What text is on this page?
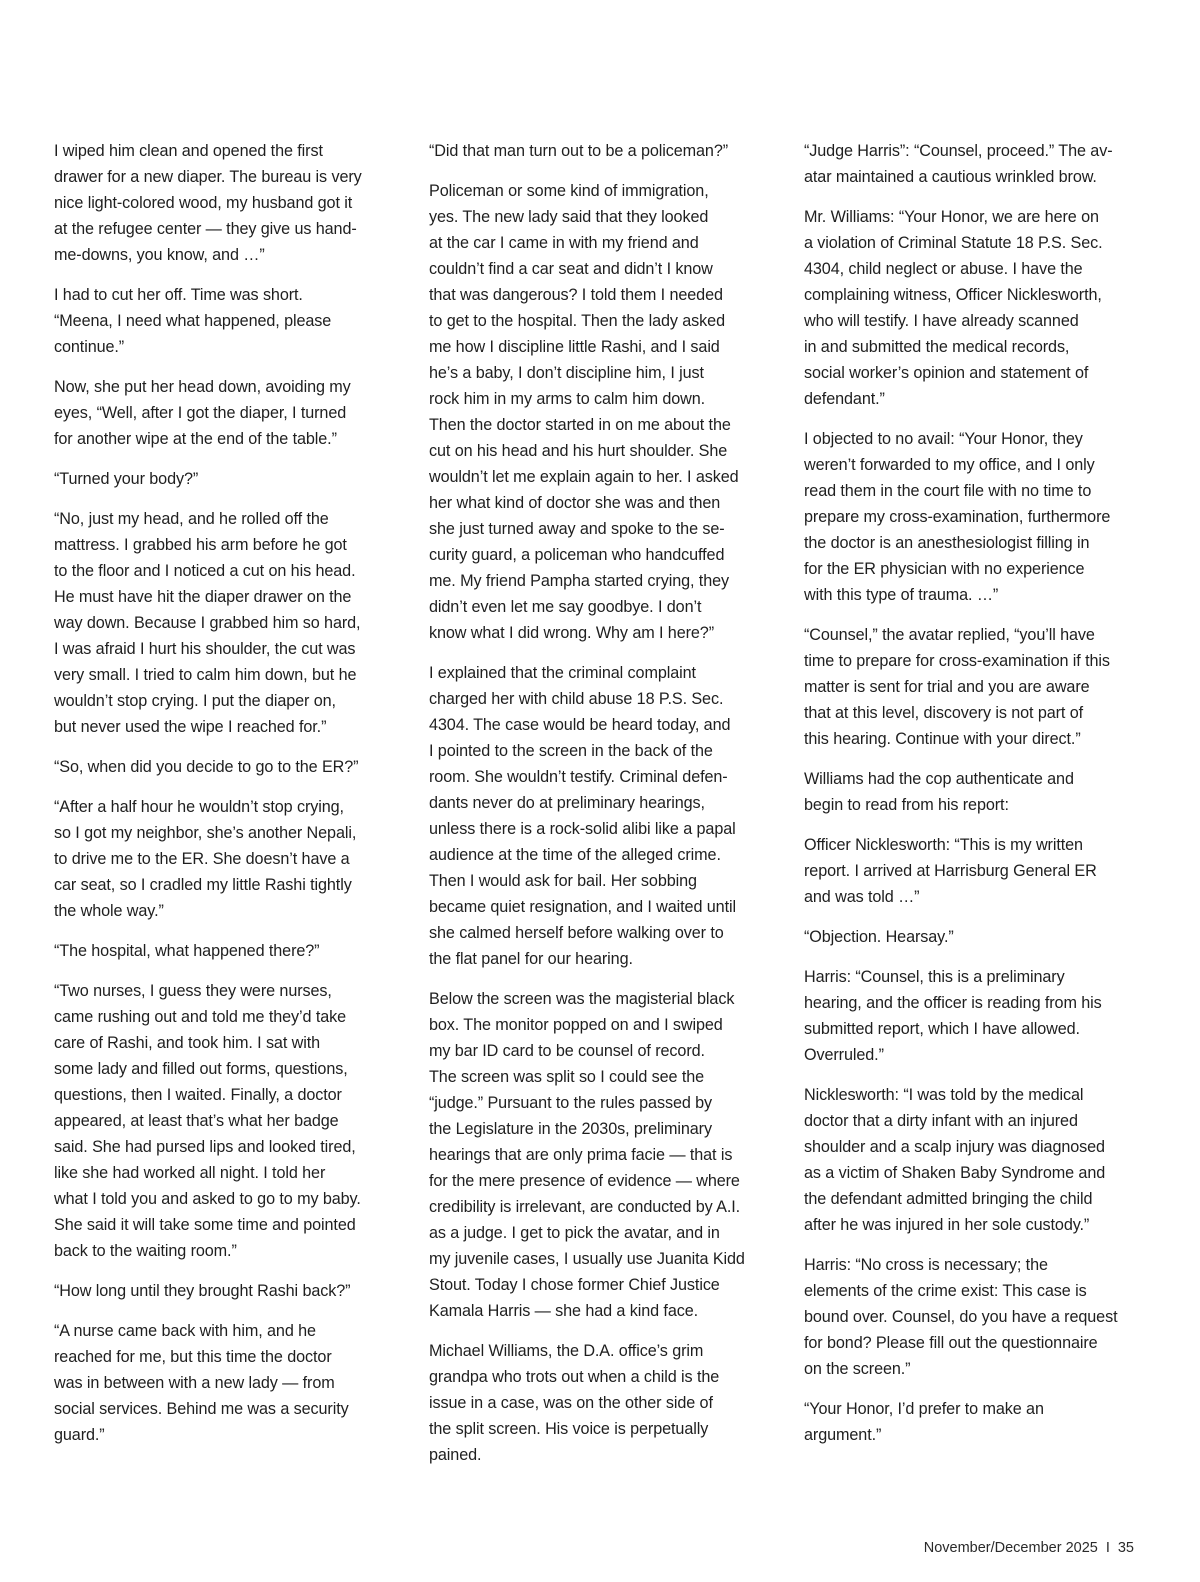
I wiped him clean and opened the first
drawer for a new diaper. The bureau is very
nice light-colored wood, my husband got it
at the refugee center — they give us hand-
me-downs, you know, and …”

I had to cut her off. Time was short.
“Meena, I need what happened, please
continue.”

Now, she put her head down, avoiding my
eyes, “Well, after I got the diaper, I turned
for another wipe at the end of the table.”

“Turned your body?”

“No, just my head, and he rolled off the
mattress. I grabbed his arm before he got
to the floor and I noticed a cut on his head.
He must have hit the diaper drawer on the
way down. Because I grabbed him so hard,
I was afraid I hurt his shoulder, the cut was
very small. I tried to calm him down, but he
wouldn’t stop crying. I put the diaper on,
but never used the wipe I reached for.”

“So, when did you decide to go to the ER?”

“After a half hour he wouldn’t stop crying,
so I got my neighbor, she’s another Nepali,
to drive me to the ER. She doesn’t have a
car seat, so I cradled my little Rashi tightly
the whole way.”

“The hospital, what happened there?”

“Two nurses, I guess they were nurses,
came rushing out and told me they’d take
care of Rashi, and took him. I sat with
some lady and filled out forms, questions,
questions, then I waited. Finally, a doctor
appeared, at least that’s what her badge
said. She had pursed lips and looked tired,
like she had worked all night. I told her
what I told you and asked to go to my baby.
She said it will take some time and pointed
back to the waiting room.”

“How long until they brought Rashi back?”

“A nurse came back with him, and he
reached for me, but this time the doctor
was in between with a new lady — from
social services. Behind me was a security
guard.”

“Did that man turn out to be a policeman?”

Policeman or some kind of immigration,
yes. The new lady said that they looked
at the car I came in with my friend and
couldn’t find a car seat and didn’t I know
that was dangerous? I told them I needed
to get to the hospital. Then the lady asked
me how I discipline little Rashi, and I said
he’s a baby, I don’t discipline him, I just
rock him in my arms to calm him down.
Then the doctor started in on me about the
cut on his head and his hurt shoulder. She
wouldn’t let me explain again to her. I asked
her what kind of doctor she was and then
she just turned away and spoke to the se-
curity guard, a policeman who handcuffed
me. My friend Pampha started crying, they
didn’t even let me say goodbye. I don’t
know what I did wrong. Why am I here?”

I explained that the criminal complaint
charged her with child abuse 18 P.S. Sec.
4304. The case would be heard today, and
I pointed to the screen in the back of the
room. She wouldn’t testify. Criminal defen-
dants never do at preliminary hearings,
unless there is a rock-solid alibi like a papal
audience at the time of the alleged crime.
Then I would ask for bail. Her sobbing
became quiet resignation, and I waited until
she calmed herself before walking over to
the flat panel for our hearing.

Below the screen was the magisterial black
box. The monitor popped on and I swiped
my bar ID card to be counsel of record.
The screen was split so I could see the
“judge.” Pursuant to the rules passed by
the Legislature in the 2030s, preliminary
hearings that are only prima facie — that is
for the mere presence of evidence — where
credibility is irrelevant, are conducted by A.I.
as a judge. I get to pick the avatar, and in
my juvenile cases, I usually use Juanita Kidd
Stout. Today I chose former Chief Justice
Kamala Harris — she had a kind face.

Michael Williams, the D.A. office’s grim
grandpa who trots out when a child is the
issue in a case, was on the other side of
the split screen. His voice is perpetually
pained.

“Judge Harris”: “Counsel, proceed.” The av-
atar maintained a cautious wrinkled brow.

Mr. Williams: “Your Honor, we are here on
a violation of Criminal Statute 18 P.S. Sec.
4304, child neglect or abuse. I have the
complaining witness, Officer Nicklesworth,
who will testify. I have already scanned
in and submitted the medical records,
social worker’s opinion and statement of
defendant.”

I objected to no avail: “Your Honor, they
weren’t forwarded to my office, and I only
read them in the court file with no time to
prepare my cross-examination, furthermore
the doctor is an anesthesiologist filling in
for the ER physician with no experience
with this type of trauma. …”

“Counsel,” the avatar replied, “you’ll have
time to prepare for cross-examination if this
matter is sent for trial and you are aware
that at this level, discovery is not part of
this hearing. Continue with your direct.”

Williams had the cop authenticate and
begin to read from his report:

Officer Nicklesworth: “This is my written
report. I arrived at Harrisburg General ER
and was told …”

“Objection. Hearsay.”

Harris: “Counsel, this is a preliminary
hearing, and the officer is reading from his
submitted report, which I have allowed.
Overruled.”

Nicklesworth: “I was told by the medical
doctor that a dirty infant with an injured
shoulder and a scalp injury was diagnosed
as a victim of Shaken Baby Syndrome and
the defendant admitted bringing the child
after he was injured in her sole custody.”

Harris: “No cross is necessary; the
elements of the crime exist: This case is
bound over. Counsel, do you have a request
for bond? Please fill out the questionnaire
on the screen.”

“Your Honor, I’d prefer to make an
argument.”

November/December 2025 I 35
